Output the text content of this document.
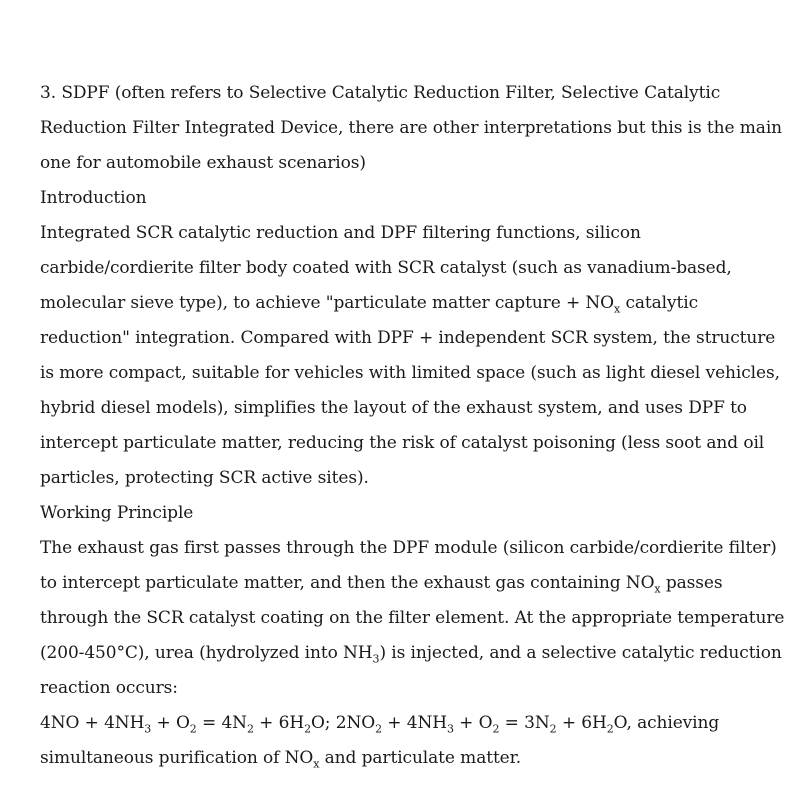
3. SDPF (often refers to Selective Catalytic Reduction Filter, Selective Catalytic Reduction Filter Integrated Device, there are other interpretations but this is the main one for automobile exhaust scenarios)

Introduction

Integrated SCR catalytic reduction and DPF filtering functions, silicon carbide/cordierite filter body coated with SCR catalyst (such as vanadium-based, molecular sieve type), to achieve "particulate matter capture + $NO_x$ catalytic reduction" integration. Compared with DPF + independent SCR system, the structure is more compact, suitable for vehicles with limited space (such as light diesel vehicles, hybrid diesel models), simplifies the layout of the exhaust system, and uses DPF to intercept particulate matter, reducing the risk of catalyst poisoning (less soot and oil particles, protecting SCR active sites).

Working Principle

The exhaust gas first passes through the DPF module (silicon carbide/cordierite filter) to intercept particulate matter, and then the exhaust gas containing $NO_x$ passes through the SCR catalyst coating on the filter element. At the appropriate temperature (200-450°C), urea (hydrolyzed into $NH_3$) is injected, and a selective catalytic reduction reaction occurs:
$4NO + 4NH_3 + O_2 = 4N_2 + 6H_2O$; $2NO_2 + 4NH_3 + O_2 = 3N_2 + 6H_2O$, achieving simultaneous purification of $NO_x$ and particulate matter.
